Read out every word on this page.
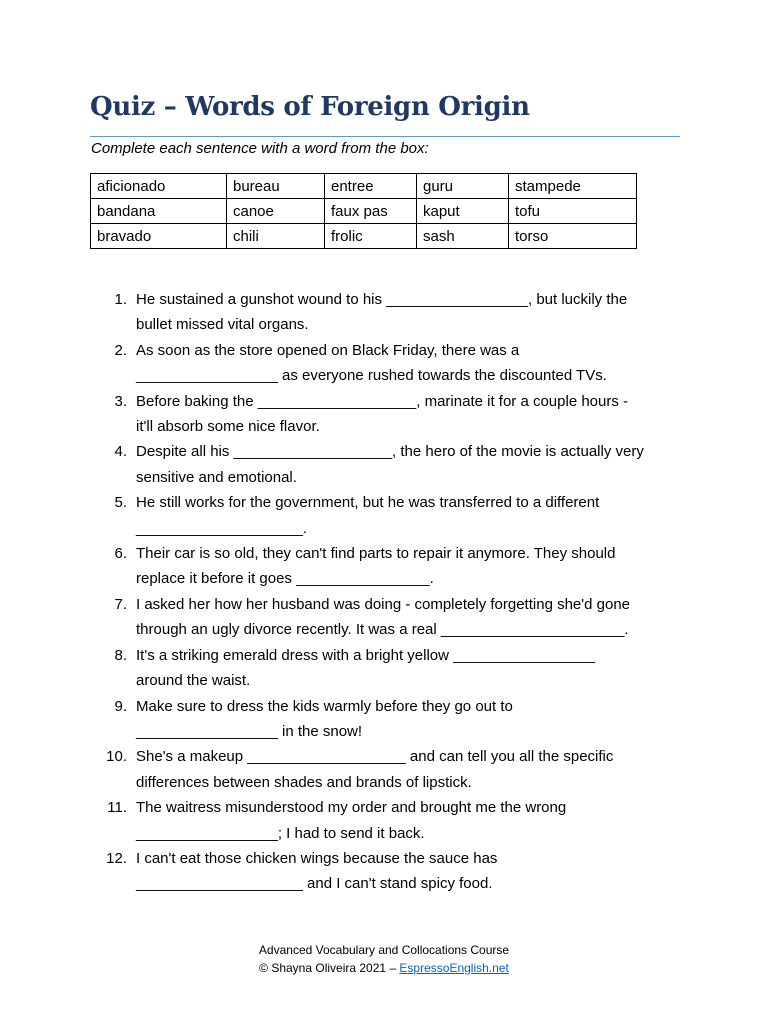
Quiz – Words of Foreign Origin
Complete each sentence with a word from the box:
aficionado	bureau	entree	guru	stampede
bandana	canoe	faux pas	kaput	tofu
bravado	chili	frolic	sash	torso
1. He sustained a gunshot wound to his _________________, but luckily the
bullet missed vital organs.
2. As soon as the store opened on Black Friday, there was a
_________________ as everyone rushed towards the discounted TVs.
3. Before baking the ___________________, marinate it for a couple hours -
it'll absorb some nice flavor.
4. Despite all his ___________________, the hero of the movie is actually very
sensitive and emotional.
5. He still works for the government, but he was transferred to a different
____________________.
6. Their car is so old, they can't find parts to repair it anymore. They should
replace it before it goes ________________.
7. I asked her how her husband was doing - completely forgetting she'd gone
through an ugly divorce recently. It was a real ______________________.
8. It's a striking emerald dress with a bright yellow _________________
around the waist.
9. Make sure to dress the kids warmly before they go out to
_________________ in the snow!
10. She's a makeup ___________________ and can tell you all the specific
differences between shades and brands of lipstick.
11. The waitress misunderstood my order and brought me the wrong
_________________; I had to send it back.
12. I can't eat those chicken wings because the sauce has
____________________ and I can't stand spicy food.
Advanced Vocabulary and Collocations Course
© Shayna Oliveira 2021 – EspressoEnglish.net
